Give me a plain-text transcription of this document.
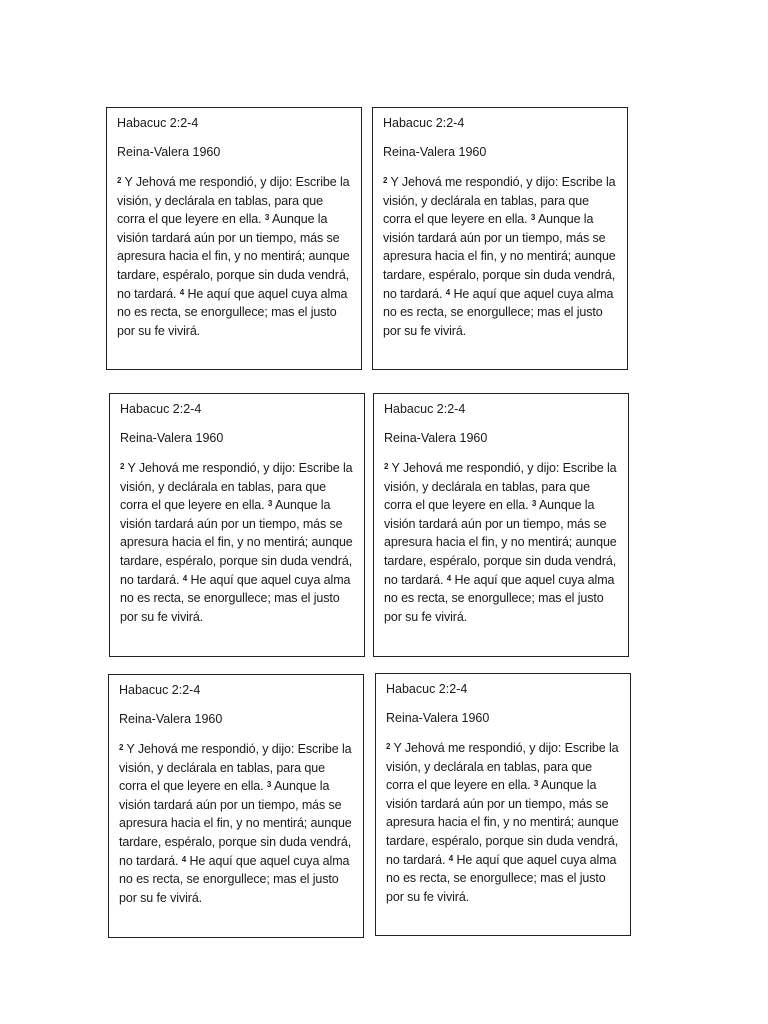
Habacuc 2:2-4

Reina-Valera 1960

$^2$ Y Jehová me respondió, y dijo: Escribe la visión, y declárala en tablas, para que corra el que leyere en ella. $^3$ Aunque la visión tardará aún por un tiempo, más se apresura hacia el fin, y no mentirá; aunque tardare, espéralo, porque sin duda vendrá, no tardará. $^4$ He aquí que aquel cuya alma no es recta, se enorgullece; mas el justo por su fe vivirá.

Habacuc 2:2-4

Reina-Valera 1960

$^2$ Y Jehová me respondió, y dijo: Escribe la visión, y declárala en tablas, para que corra el que leyere en ella. $^3$ Aunque la visión tardará aún por un tiempo, más se apresura hacia el fin, y no mentirá; aunque tardare, espéralo, porque sin duda vendrá, no tardará. $^4$ He aquí que aquel cuya alma no es recta, se enorgullece; mas el justo por su fe vivirá.

Habacuc 2:2-4

Reina-Valera 1960

$^2$ Y Jehová me respondió, y dijo: Escribe la visión, y declárala en tablas, para que corra el que leyere en ella. $^3$ Aunque la visión tardará aún por un tiempo, más se apresura hacia el fin, y no mentirá; aunque tardare, espéralo, porque sin duda vendrá, no tardará. $^4$ He aquí que aquel cuya alma no es recta, se enorgullece; mas el justo por su fe vivirá.

Habacuc 2:2-4

Reina-Valera 1960

$^2$ Y Jehová me respondió, y dijo: Escribe la visión, y declárala en tablas, para que corra el que leyere en ella. $^3$ Aunque la visión tardará aún por un tiempo, más se apresura hacia el fin, y no mentirá; aunque tardare, espéralo, porque sin duda vendrá, no tardará. $^4$ He aquí que aquel cuya alma no es recta, se enorgullece; mas el justo por su fe vivirá.

Habacuc 2:2-4

Reina-Valera 1960

$^2$ Y Jehová me respondió, y dijo: Escribe la visión, y declárala en tablas, para que corra el que leyere en ella. $^3$ Aunque la visión tardará aún por un tiempo, más se apresura hacia el fin, y no mentirá; aunque tardare, espéralo, porque sin duda vendrá, no tardará. $^4$ He aquí que aquel cuya alma no es recta, se enorgullece; mas el justo por su fe vivirá.

Habacuc 2:2-4

Reina-Valera 1960

$^2$ Y Jehová me respondió, y dijo: Escribe la visión, y declárala en tablas, para que corra el que leyere en ella. $^3$ Aunque la visión tardará aún por un tiempo, más se apresura hacia el fin, y no mentirá; aunque tardare, espéralo, porque sin duda vendrá, no tardará. $^4$ He aquí que aquel cuya alma no es recta, se enorgullece; mas el justo por su fe vivirá.
